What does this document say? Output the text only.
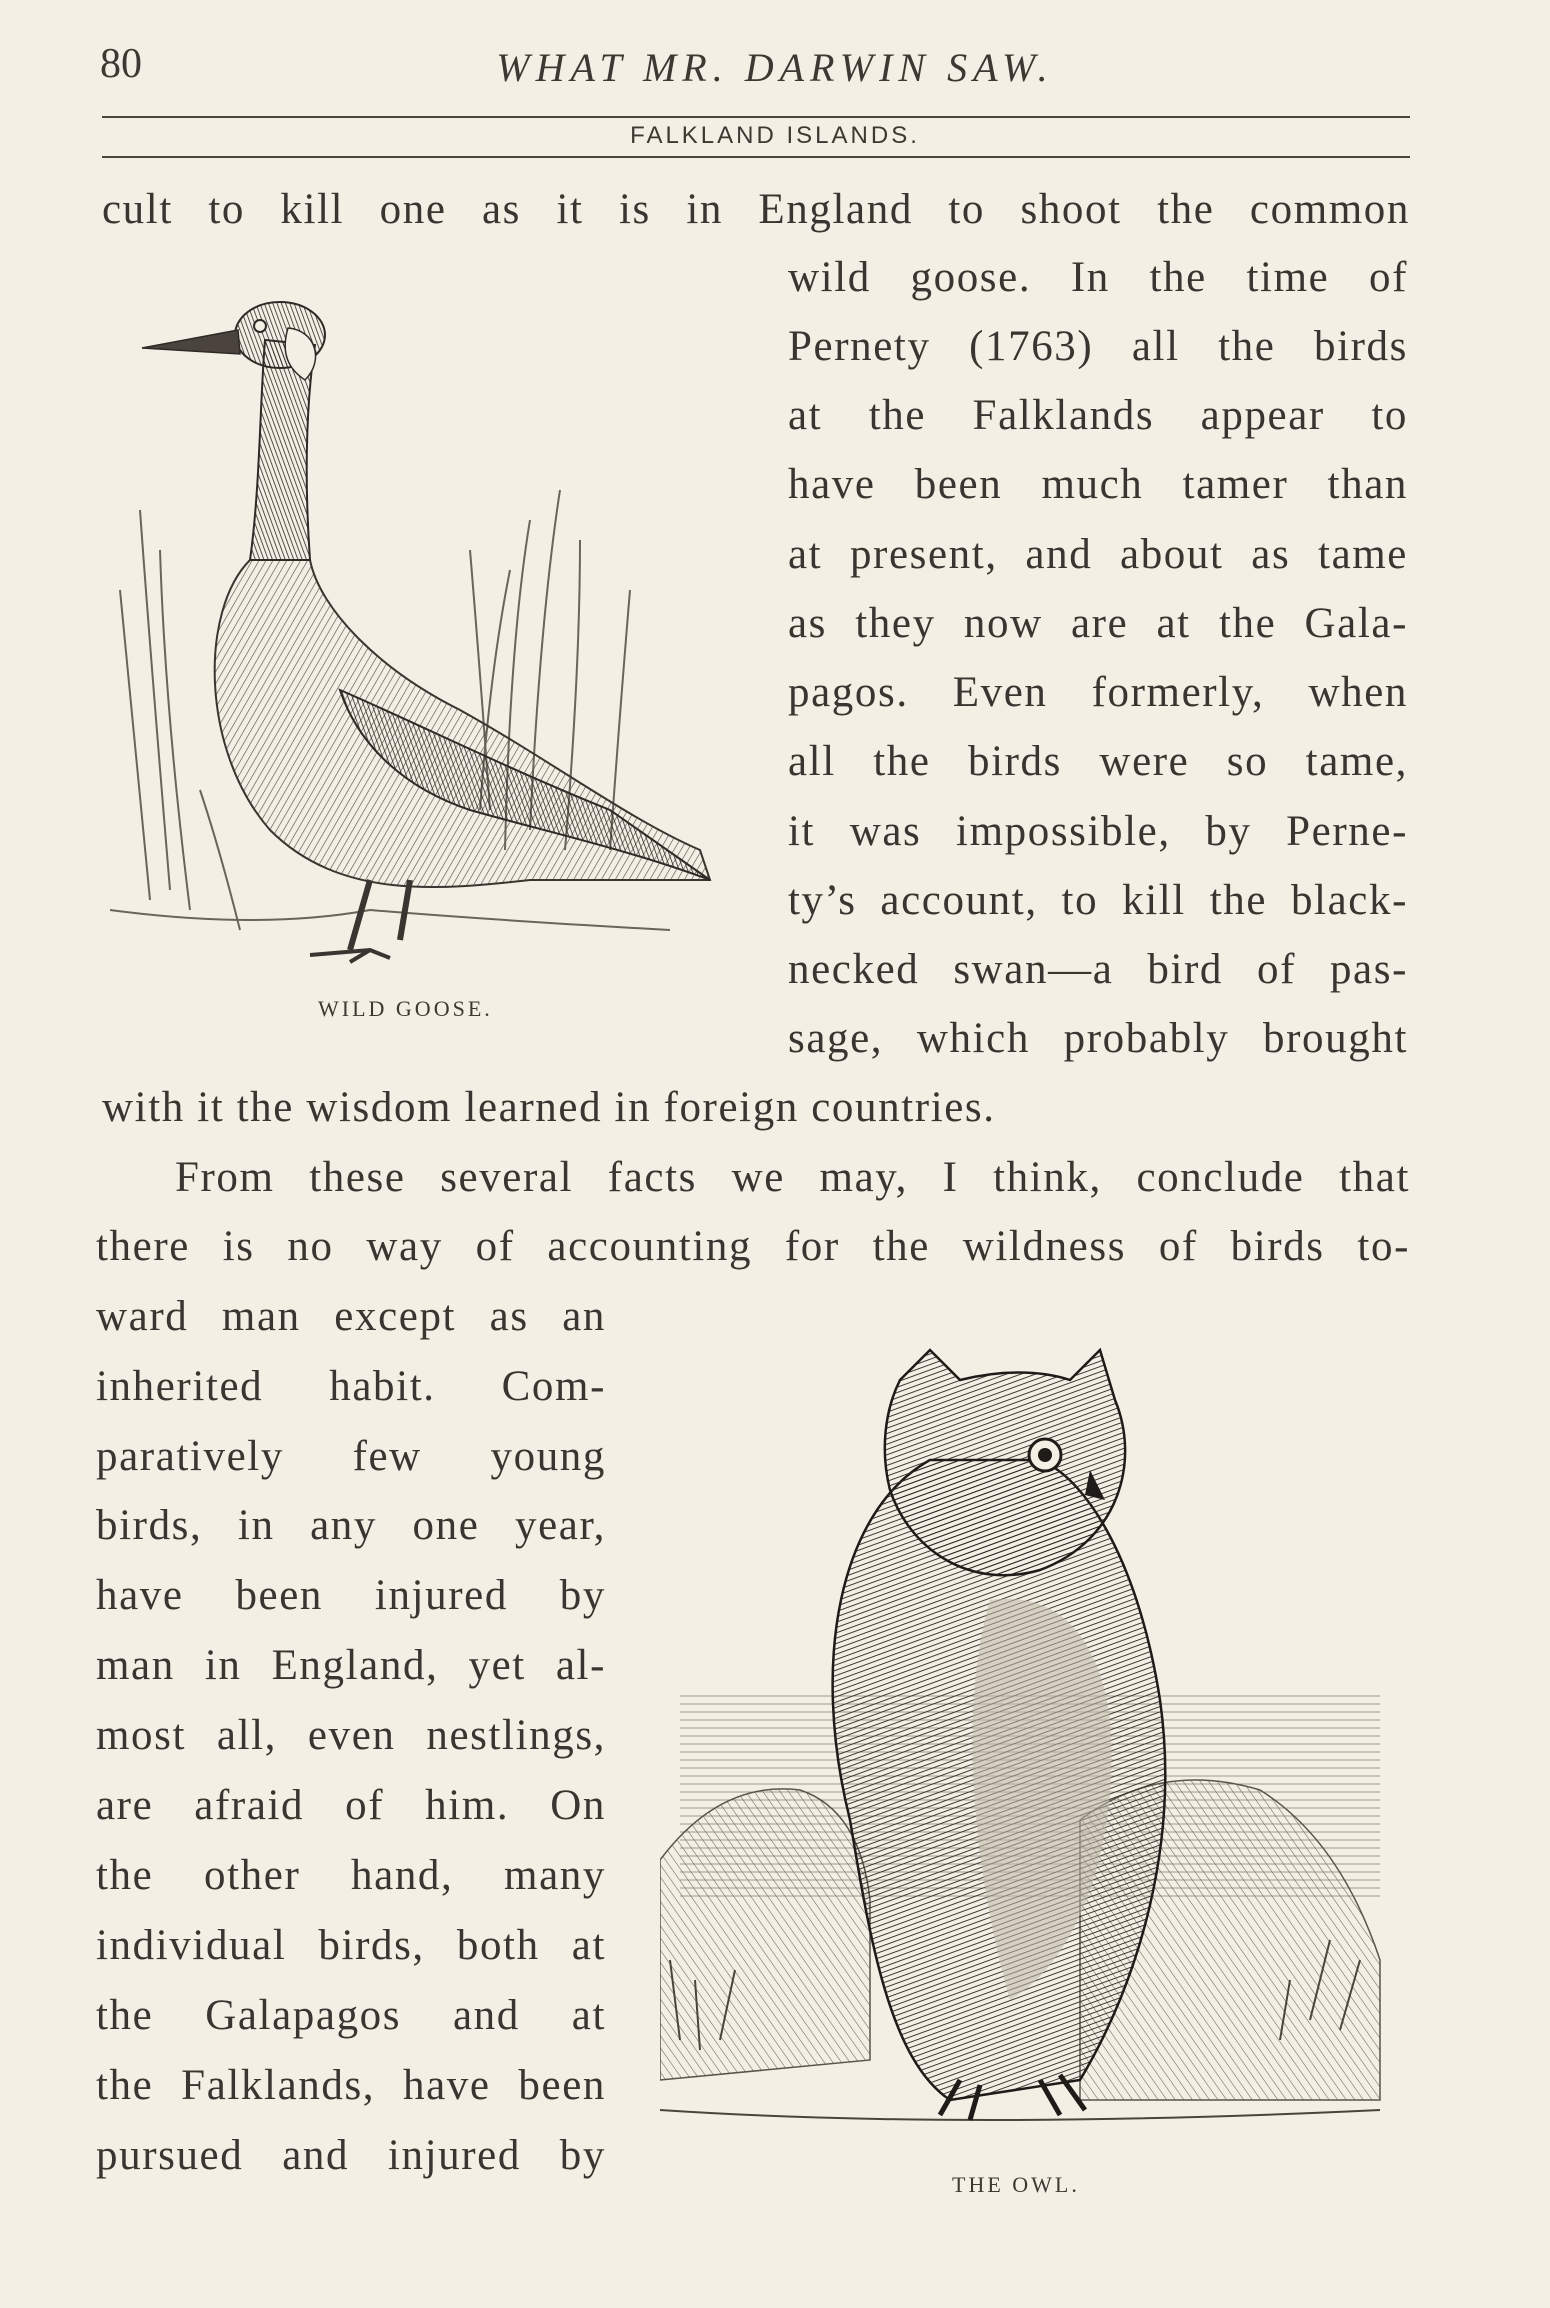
80	WHAT MR. DARWIN SAW.
FALKLAND ISLANDS.
cult to kill one as it is in England to shoot the common
wild goose. In the time of
Pernety (1763) all the birds
at the Falklands appear to
have been much tamer than
at present, and about as tame
as they now are at the Gala-
pagos. Even formerly, when
all the birds were so tame,
it was impossible, by Perne-
ty’s account, to kill the black-
necked swan—a bird of pas-
sage, which probably brought
with it the wisdom learned in foreign countries.
From these several facts we may, I think, conclude that
there is no way of accounting for the wildness of birds to-
ward man except as an
inherited habit. Com-
paratively few young
birds, in any one year,
have been injured by
man in England, yet al-
most all, even nestlings,
are afraid of him. On
the other hand, many
individual birds, both at
the Galapagos and at
the Falklands, have been
pursued and injured by
WILD GOOSE.
THE OWL.
